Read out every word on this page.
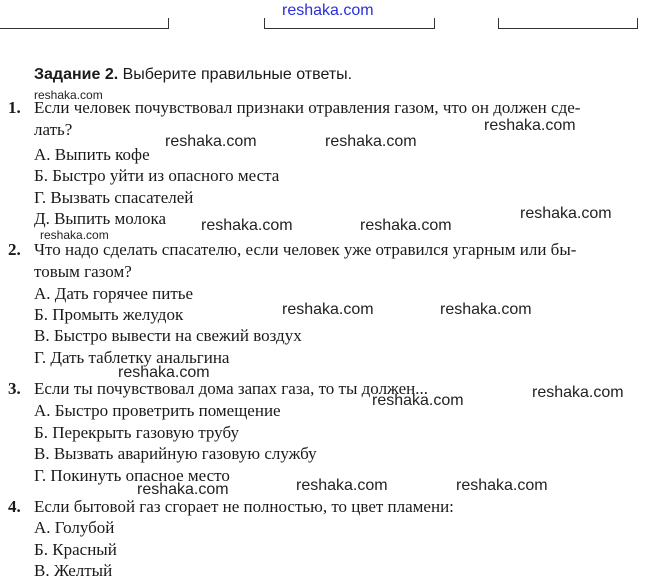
reshaka.com
Задание 2. Выберите правильные ответы.
1. Если человек почувствовал признаки отравления газом, что он должен сде-
лать?
А. Выпить кофе
Б. Быстро уйти из опасного места
Г. Вызвать спасателей
Д. Выпить молока
2. Что надо сделать спасателю, если человек уже отравился угарным или бы-
товым газом?
А. Дать горячее питье
Б. Промыть желудок
В. Быстро вывести на свежий воздух
Г. Дать таблетку анальгина
3. Если ты почувствовал дома запах газа, то ты должен...
А. Быстро проветрить помещение
Б. Перекрыть газовую трубу
В. Вызвать аварийную газовую службу
Г. Покинуть опасное место
4. Если бытовой газ сгорает не полностью, то цвет пламени:
А. Голубой
Б. Красный
В. Желтый
reshaka.com
reshaka.com
reshaka.com	reshaka.com
reshaka.com
reshaka.com	reshaka.com
reshaka.com
reshaka.com	reshaka.com
reshaka.com
reshaka.com
reshaka.com
reshaka.com	reshaka.com
reshaka.com
